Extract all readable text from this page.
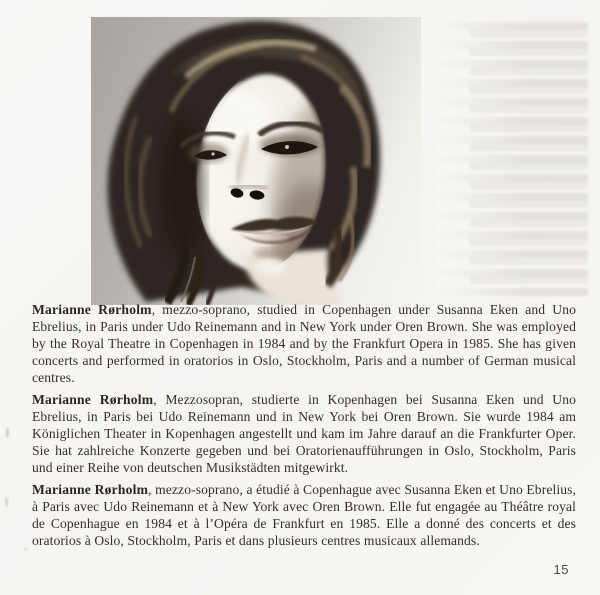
Marianne Rørholm, mezzo-soprano, studied in Copenhagen under Susanna Eken and Uno Ebrelius, in Paris under Udo Reinemann and in New York under Oren Brown. She was employed by the Royal Theatre in Copenhagen in 1984 and by the Frankfurt Opera in 1985. She has given concerts and performed in oratorios in Oslo, Stockholm, Paris and a number of German musical centres.

Marianne Rørholm, Mezzosopran, studierte in Kopenhagen bei Susanna Eken und Uno Ebrelius, in Paris bei Udo Reinemann und in New York bei Oren Brown. Sie wurde 1984 am Königlichen Theater in Kopenhagen angestellt und kam im Jahre darauf an die Frankfurter Oper. Sie hat zahlreiche Konzerte gegeben und bei Oratorienaufführungen in Oslo, Stockholm, Paris und einer Reihe von deutschen Musikstädten mitgewirkt.

Marianne Rørholm, mezzo-soprano, a étudié à Copenhague avec Susanna Eken et Uno Ebrelius, à Paris avec Udo Reinemann et à New York avec Oren Brown. Elle fut engagée au Théâtre royal de Copenhague en 1984 et à l’Opéra de Frankfurt en 1985. Elle a donné des concerts et des oratorios à Oslo, Stockholm, Paris et dans plusieurs centres musicaux allemands.

15
